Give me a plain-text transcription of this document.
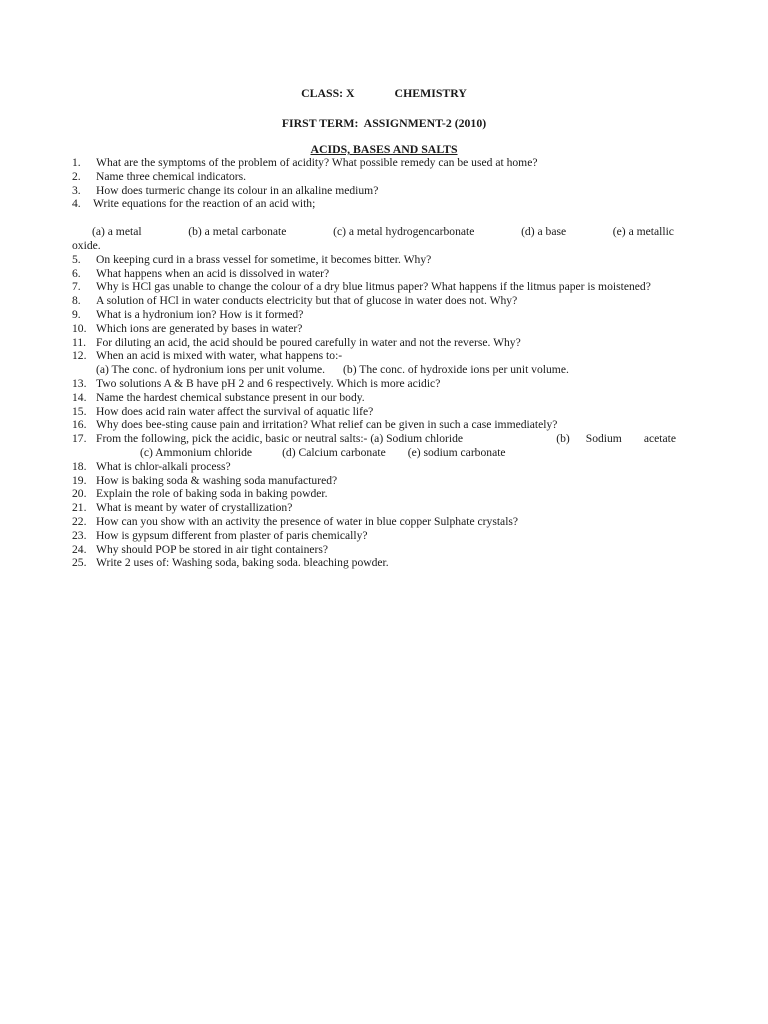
CLASS: X	CHEMISTRY
FIRST TERM:  ASSIGNMENT-2 (2010)
ACIDS, BASES AND SALTS
1. What are the symptoms of the problem of acidity? What possible remedy can be used at home?
2. Name three chemical indicators.
3. How does turmeric change its colour in an alkaline medium?
4. Write equations for the reaction of an acid with;
(a) a metal	(b) a metal carbonate	(c) a metal hydrogencarbonate	(d) a base	(e) a metallic
oxide.
5. On keeping curd in a brass vessel for sometime, it becomes bitter. Why?
6. What happens when an acid is dissolved in water?
7. Why is HCl gas unable to change the colour of a dry blue litmus paper? What happens if the litmus paper is moistened?
8. A solution of HCl in water conducts electricity but that of glucose in water does not. Why?
9. What is a hydronium ion? How is it formed?
10. Which ions are generated by bases in water?
11. For diluting an acid, the acid should be poured carefully in water and not the reverse. Why?
12. When an acid is mixed with water, what happens to:-
(a) The conc. of hydronium ions per unit volume. (b) The conc. of hydroxide ions per unit volume.
13. Two solutions A & B have pH 2 and 6 respectively. Which is more acidic?
14. Name the hardest chemical substance present in our body.
15. How does acid rain water affect the survival of aquatic life?
16. Why does bee-sting cause pain and irritation? What relief can be given in such a case immediately?
17. From the following, pick the acidic, basic or neutral salts:- (a) Sodium chloride	(b) Sodium acetate
(c) Ammonium chloride	(d) Calcium carbonate (e) sodium carbonate
18. What is chlor-alkali process?
19. How is baking soda & washing soda manufactured?
20. Explain the role of baking soda in baking powder.
21. What is meant by water of crystallization?
22. How can you show with an activity the presence of water in blue copper Sulphate crystals?
23. How is gypsum different from plaster of paris chemically?
24. Why should POP be stored in air tight containers?
25. Write 2 uses of: Washing soda, baking soda. bleaching powder.
